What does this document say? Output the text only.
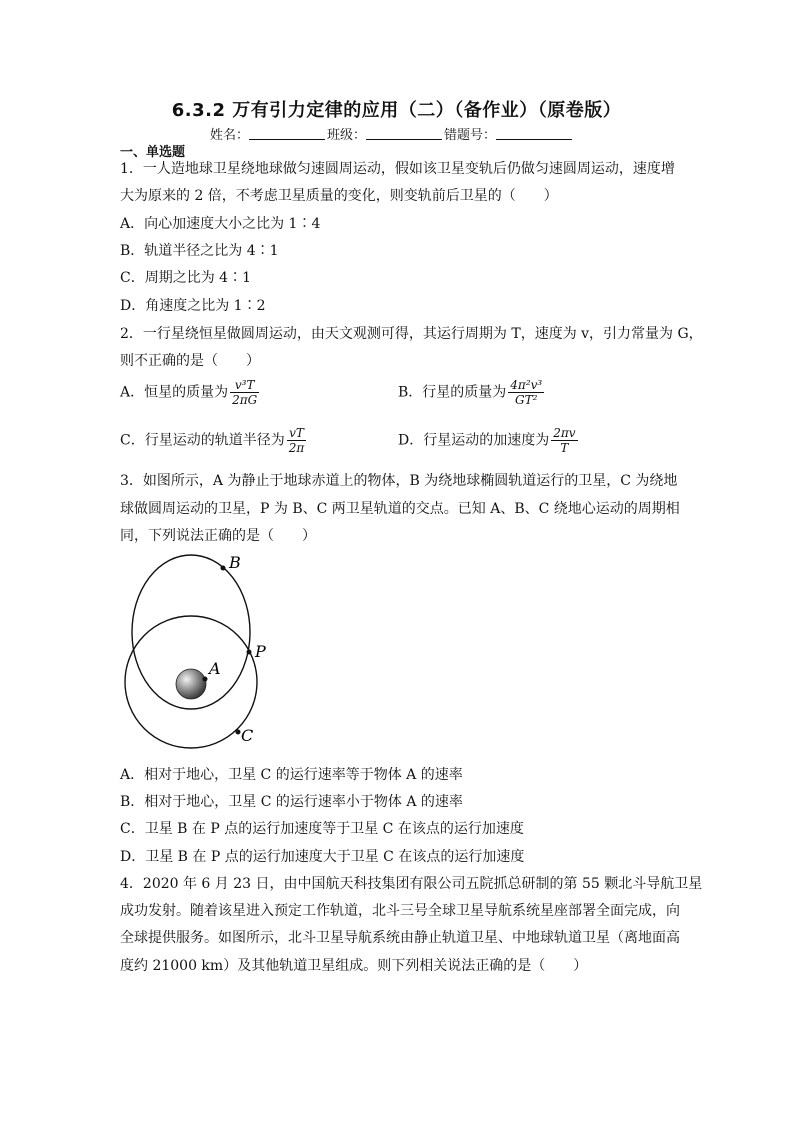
6.3.2 万有引力定律的应用（二）（备作业）（原卷版）
姓名：	班级：	错题号：
一、单选题
1．一人造地球卫星绕地球做匀速圆周运动，假如该卫星变轨后仍做匀速圆周运动，速度增
大为原来的 2 倍，不考虑卫星质量的变化，则变轨前后卫星的（　　）
A．向心加速度大小之比为 1∶4
B．轨道半径之比为 4∶1
C．周期之比为 4∶1
D．角速度之比为 1∶2
2．一行星绕恒星做圆周运动，由天文观测可得，其运行周期为 T，速度为 v，引力常量为 G，
则不正确的是（　　）
A．恒星的质量为 $\frac{\text{v³T}}{2\pi G}$	B．行星的质量为 $\frac{\text{4π²v³}}{\text{GT²}}$
C．行星运动的轨道半径为 $\frac{vT}{2\pi}$	D．行星运动的加速度为 $\frac{2\pi v}{T}$
3．如图所示，A 为静止于地球赤道上的物体，B 为绕地球椭圆轨道运行的卫星，C 为绕地
球做圆周运动的卫星，P 为 B、C 两卫星轨道的交点。已知 A、B、C 绕地心运动的周期相
同，下列说法正确的是（　　）
B
P
A
C
A．相对于地心，卫星 C 的运行速率等于物体 A 的速率
B．相对于地心，卫星 C 的运行速率小于物体 A 的速率
C．卫星 B 在 P 点的运行加速度等于卫星 C 在该点的运行加速度
D．卫星 B 在 P 点的运行加速度大于卫星 C 在该点的运行加速度
4．2020 年 6 月 23 日，由中国航天科技集团有限公司五院抓总研制的第 55 颗北斗导航卫星
成功发射。随着该星进入预定工作轨道，北斗三号全球卫星导航系统星座部署全面完成，向
全球提供服务。如图所示，北斗卫星导航系统由静止轨道卫星、中地球轨道卫星（离地面高
度约 21000 km）及其他轨道卫星组成。则下列相关说法正确的是（　　）
